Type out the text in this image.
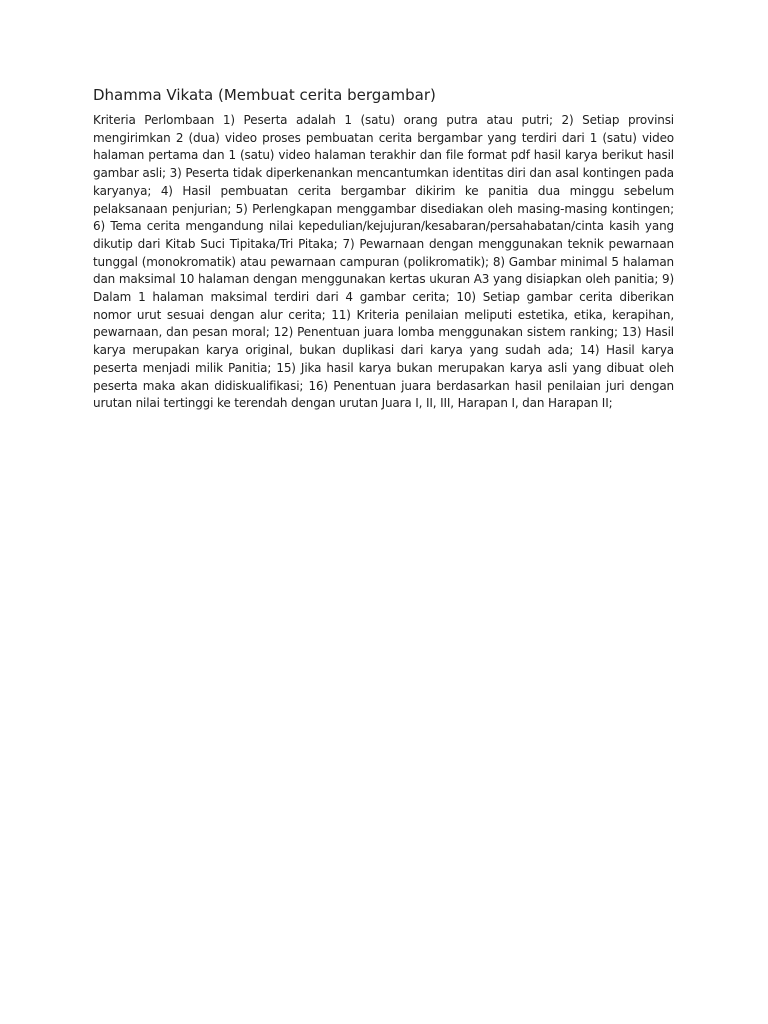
Dhamma Vikata (Membuat cerita bergambar)

Kriteria Perlombaan 1) Peserta adalah 1 (satu) orang putra atau putri; 2) Setiap provinsi mengirimkan 2 (dua) video proses pembuatan cerita bergambar yang terdiri dari 1 (satu) video halaman pertama dan 1 (satu) video halaman terakhir dan file format pdf hasil karya berikut hasil gambar asli; 3) Peserta tidak diperkenankan mencantumkan identitas diri dan asal kontingen pada karyanya; 4) Hasil pembuatan cerita bergambar dikirim ke panitia dua minggu sebelum pelaksanaan penjurian; 5) Perlengkapan menggambar disediakan oleh masing-masing kontingen; 6) Tema cerita mengandung nilai kepedulian/kejujuran/kesabaran/persahabatan/cinta kasih yang dikutip dari Kitab Suci Tipitaka/Tri Pitaka; 7) Pewarnaan dengan menggunakan teknik pewarnaan tunggal (monokromatik) atau pewarnaan campuran (polikromatik); 8) Gambar minimal 5 halaman dan maksimal 10 halaman dengan menggunakan kertas ukuran A3 yang disiapkan oleh panitia; 9) Dalam 1 halaman maksimal terdiri dari 4 gambar cerita; 10) Setiap gambar cerita diberikan nomor urut sesuai dengan alur cerita; 11) Kriteria penilaian meliputi estetika, etika, kerapihan, pewarnaan, dan pesan moral; 12) Penentuan juara lomba menggunakan sistem ranking; 13) Hasil karya merupakan karya original, bukan duplikasi dari karya yang sudah ada; 14) Hasil karya peserta menjadi milik Panitia; 15) Jika hasil karya bukan merupakan karya asli yang dibuat oleh peserta maka akan didiskualifikasi; 16) Penentuan juara berdasarkan hasil penilaian juri dengan urutan nilai tertinggi ke terendah dengan urutan Juara I, II, III, Harapan I, dan Harapan II;
